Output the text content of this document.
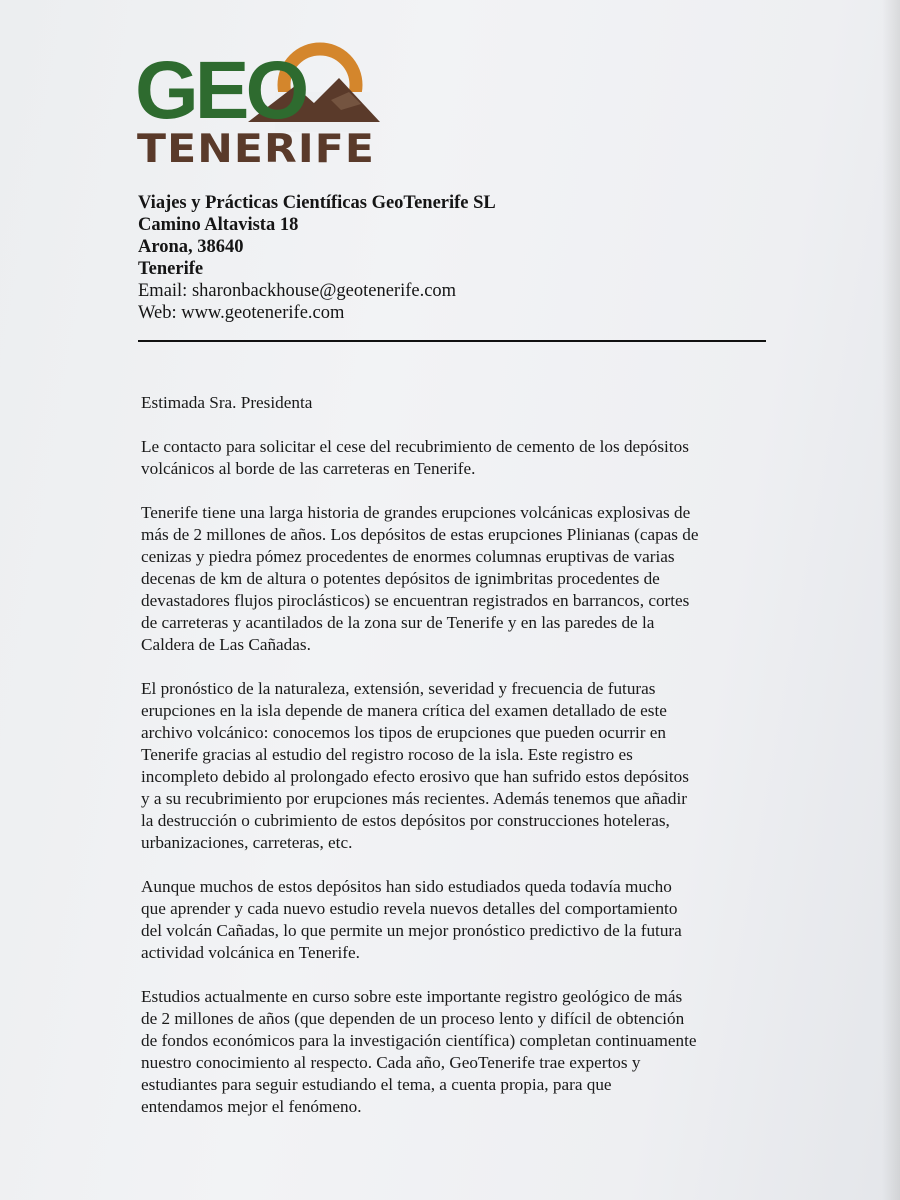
GEO
TENERIFE
Viajes y Prácticas Científicas GeoTenerife SL
Camino Altavista 18
Arona, 38640
Tenerife
Email: sharonbackhouse@geotenerife.com
Web: www.geotenerife.com

Estimada Sra. Presidenta

Le contacto para solicitar el cese del recubrimiento de cemento de los depósitos
volcánicos al borde de las carreteras en Tenerife.

Tenerife tiene una larga historia de grandes erupciones volcánicas explosivas de
más de 2 millones de años. Los depósitos de estas erupciones Plinianas (capas de
cenizas y piedra pómez procedentes de enormes columnas eruptivas de varias
decenas de km de altura o potentes depósitos de ignimbritas procedentes de
devastadores flujos piroclásticos) se encuentran registrados en barrancos, cortes
de carreteras y acantilados de la zona sur de Tenerife y en las paredes de la
Caldera de Las Cañadas.

El pronóstico de la naturaleza, extensión, severidad y frecuencia de futuras
erupciones en la isla depende de manera crítica del examen detallado de este
archivo volcánico: conocemos los tipos de erupciones que pueden ocurrir en
Tenerife gracias al estudio del registro rocoso de la isla. Este registro es
incompleto debido al prolongado efecto erosivo que han sufrido estos depósitos
y a su recubrimiento por erupciones más recientes. Además tenemos que añadir
la destrucción o cubrimiento de estos depósitos por construcciones hoteleras,
urbanizaciones, carreteras, etc.

Aunque muchos de estos depósitos han sido estudiados queda todavía mucho
que aprender y cada nuevo estudio revela nuevos detalles del comportamiento
del volcán Cañadas, lo que permite un mejor pronóstico predictivo de la futura
actividad volcánica en Tenerife.

Estudios actualmente en curso sobre este importante registro geológico de más
de 2 millones de años (que dependen de un proceso lento y difícil de obtención
de fondos económicos para la investigación científica) completan continuamente
nuestro conocimiento al respecto. Cada año, GeoTenerife trae expertos y
estudiantes para seguir estudiando el tema, a cuenta propia, para que
entendamos mejor el fenómeno.
